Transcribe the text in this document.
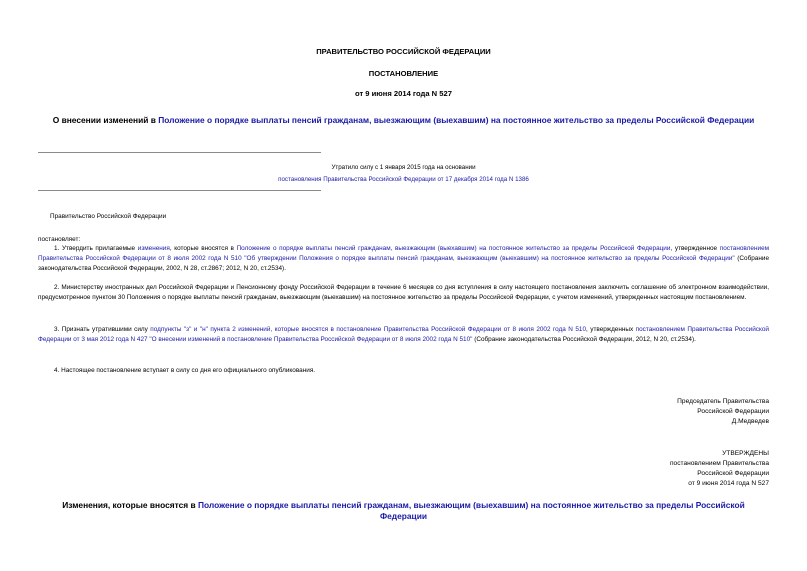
ПРАВИТЕЛЬСТВО РОССИЙСКОЙ ФЕДЕРАЦИИ
ПОСТАНОВЛЕНИЕ
от 9 июня 2014 года N 527
О внесении изменений в Положение о порядке выплаты пенсий гражданам, выезжающим (выехавшим) на постоянное жительство за пределы Российской Федерации
Утратило силу с 1 января 2015 года на основании
постановления Правительства Российской Федерации от 17 декабря 2014 года N 1386
Правительство Российской Федерации
постановляет:
1. Утвердить прилагаемые изменения, которые вносятся в Положение о порядке выплаты пенсий гражданам, выезжающим (выехавшим) на постоянное жительство за пределы Российской Федерации, утвержденное постановлением Правительства Российской Федерации от 8 июля 2002 года N 510 "Об утверждении Положения о порядке выплаты пенсий гражданам, выезжающим (выехавшим) на постоянное жительство за пределы Российской Федерации" (Собрание законодательства Российской Федерации, 2002, N 28, ст.2867; 2012, N 20, ст.2534).
2. Министерству иностранных дел Российской Федерации и Пенсионному фонду Российской Федерации в течение 6 месяцев со дня вступления в силу настоящего постановления заключить соглашение об электронном взаимодействии, предусмотренное пунктом 30 Положения о порядке выплаты пенсий гражданам, выезжающим (выехавшим) на постоянное жительство за пределы Российской Федерации, с учетом изменений, утвержденных настоящим постановлением.
3. Признать утратившими силу подпункты "з" и "н" пункта 2 изменений, которые вносятся в постановление Правительства Российской Федерации от 8 июля 2002 года N 510, утвержденных постановлением Правительства Российской Федерации от 3 мая 2012 года N 427 "О внесении изменений в постановление Правительства Российской Федерации от 8 июля 2002 года N 510" (Собрание законодательства Российской Федерации, 2012, N 20, ст.2534).
4. Настоящее постановление вступает в силу со дня его официального опубликования.
Председатель Правительства
Российской Федерации
Д.Медведев
УТВЕРЖДЕНЫ
постановлением Правительства
Российской Федерации
от 9 июня 2014 года N 527
Изменения, которые вносятся в Положение о порядке выплаты пенсий гражданам, выезжающим (выехавшим) на постоянное жительство за пределы Российской Федерации
